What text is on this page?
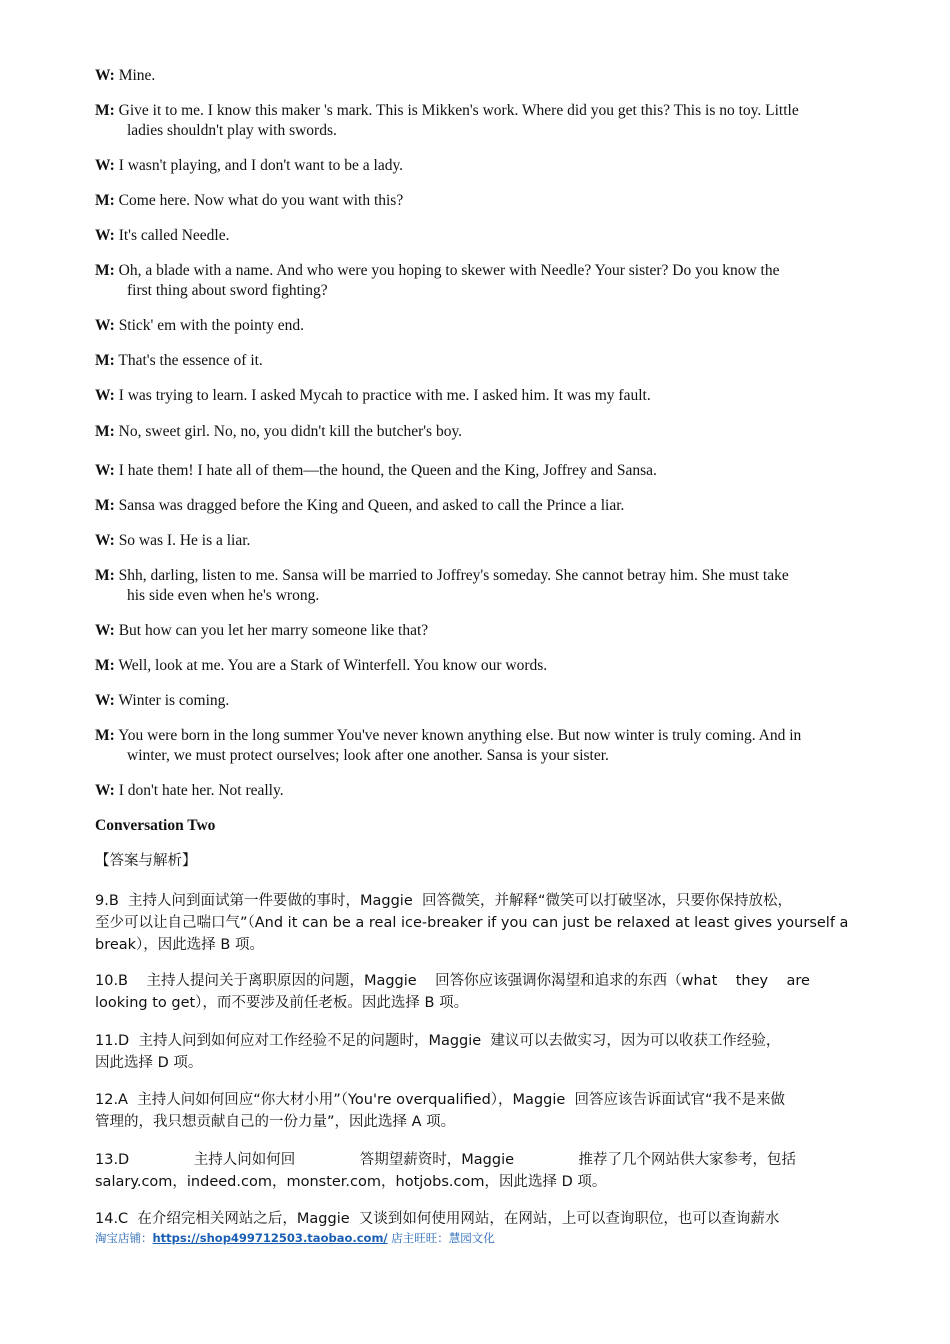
W: Mine.
M: Give it to me. I know this maker 's mark. This is Mikken's work. Where did you get this? This is no toy. Little
ladies shouldn't play with swords.
W: I wasn't playing, and I don't want to be a lady.
M: Come here. Now what do you want with this?
W: It's called Needle.
M: Oh, a blade with a name. And who were you hoping to skewer with Needle? Your sister? Do you know the
first thing about sword fighting?
W: Stick' em with the pointy end.
M: That's the essence of it.
W: I was trying to learn. I asked Mycah to practice with me. I asked him. It was my fault.
M: No, sweet girl. No, no, you didn't kill the butcher's boy.
W: I hate them! I hate all of them—the hound, the Queen and the King, Joffrey and Sansa.
M: Sansa was dragged before the King and Queen, and asked to call the Prince a liar.
W: So was I. He is a liar.
M: Shh, darling, listen to me. Sansa will be married to Joffrey's someday. She cannot betray him. She must take
his side even when he's wrong.
W: But how can you let her marry someone like that?
M: Well, look at me. You are a Stark of Winterfell. You know our words.
W: Winter is coming.
M: You were born in the long summer You've never known anything else. But now winter is truly coming. And in
winter, we must protect ourselves; look after one another. Sansa is your sister.
W: I don't hate her. Not really.
Conversation Two
【答案与解析】
9.B  主持人问到面试第一件要做的事时，Maggie  回答微笑，并解释“微笑可以打破坚冰，只要你保持放松，
至少可以让自己喘口气”（And it can be a real ice-breaker if you can just be relaxed at least gives yourself a
break），因此选择 B 项。
10.B    主持人提问关于离职原因的问题，Maggie    回答你应该强调你渴望和追求的东西（what    they    are
looking to get），而不要涉及前任老板。因此选择 B 项。
11.D  主持人问到如何应对工作经验不足的问题时，Maggie  建议可以去做实习，因为可以收获工作经验，
因此选择 D 项。
12.A  主持人问如何回应“你大材小用”（You're overqualified），Maggie  回答应该告诉面试官“我不是来做
管理的，我只想贡献自己的一份力量”，因此选择 A 项。
13.D              主持人问如何回              答期望薪资时，Maggie              推荐了几个网站供大家参考，包括
salary.com，indeed.com，monster.com，hotjobs.com，因此选择 D 项。
14.C  在介绍完相关网站之后，Maggie  又谈到如何使用网站，在网站，上可以查询职位，也可以查询薪水
淘宝店铺：https://shop499712503.taobao.com/ 店主旺旺：慧园文化
